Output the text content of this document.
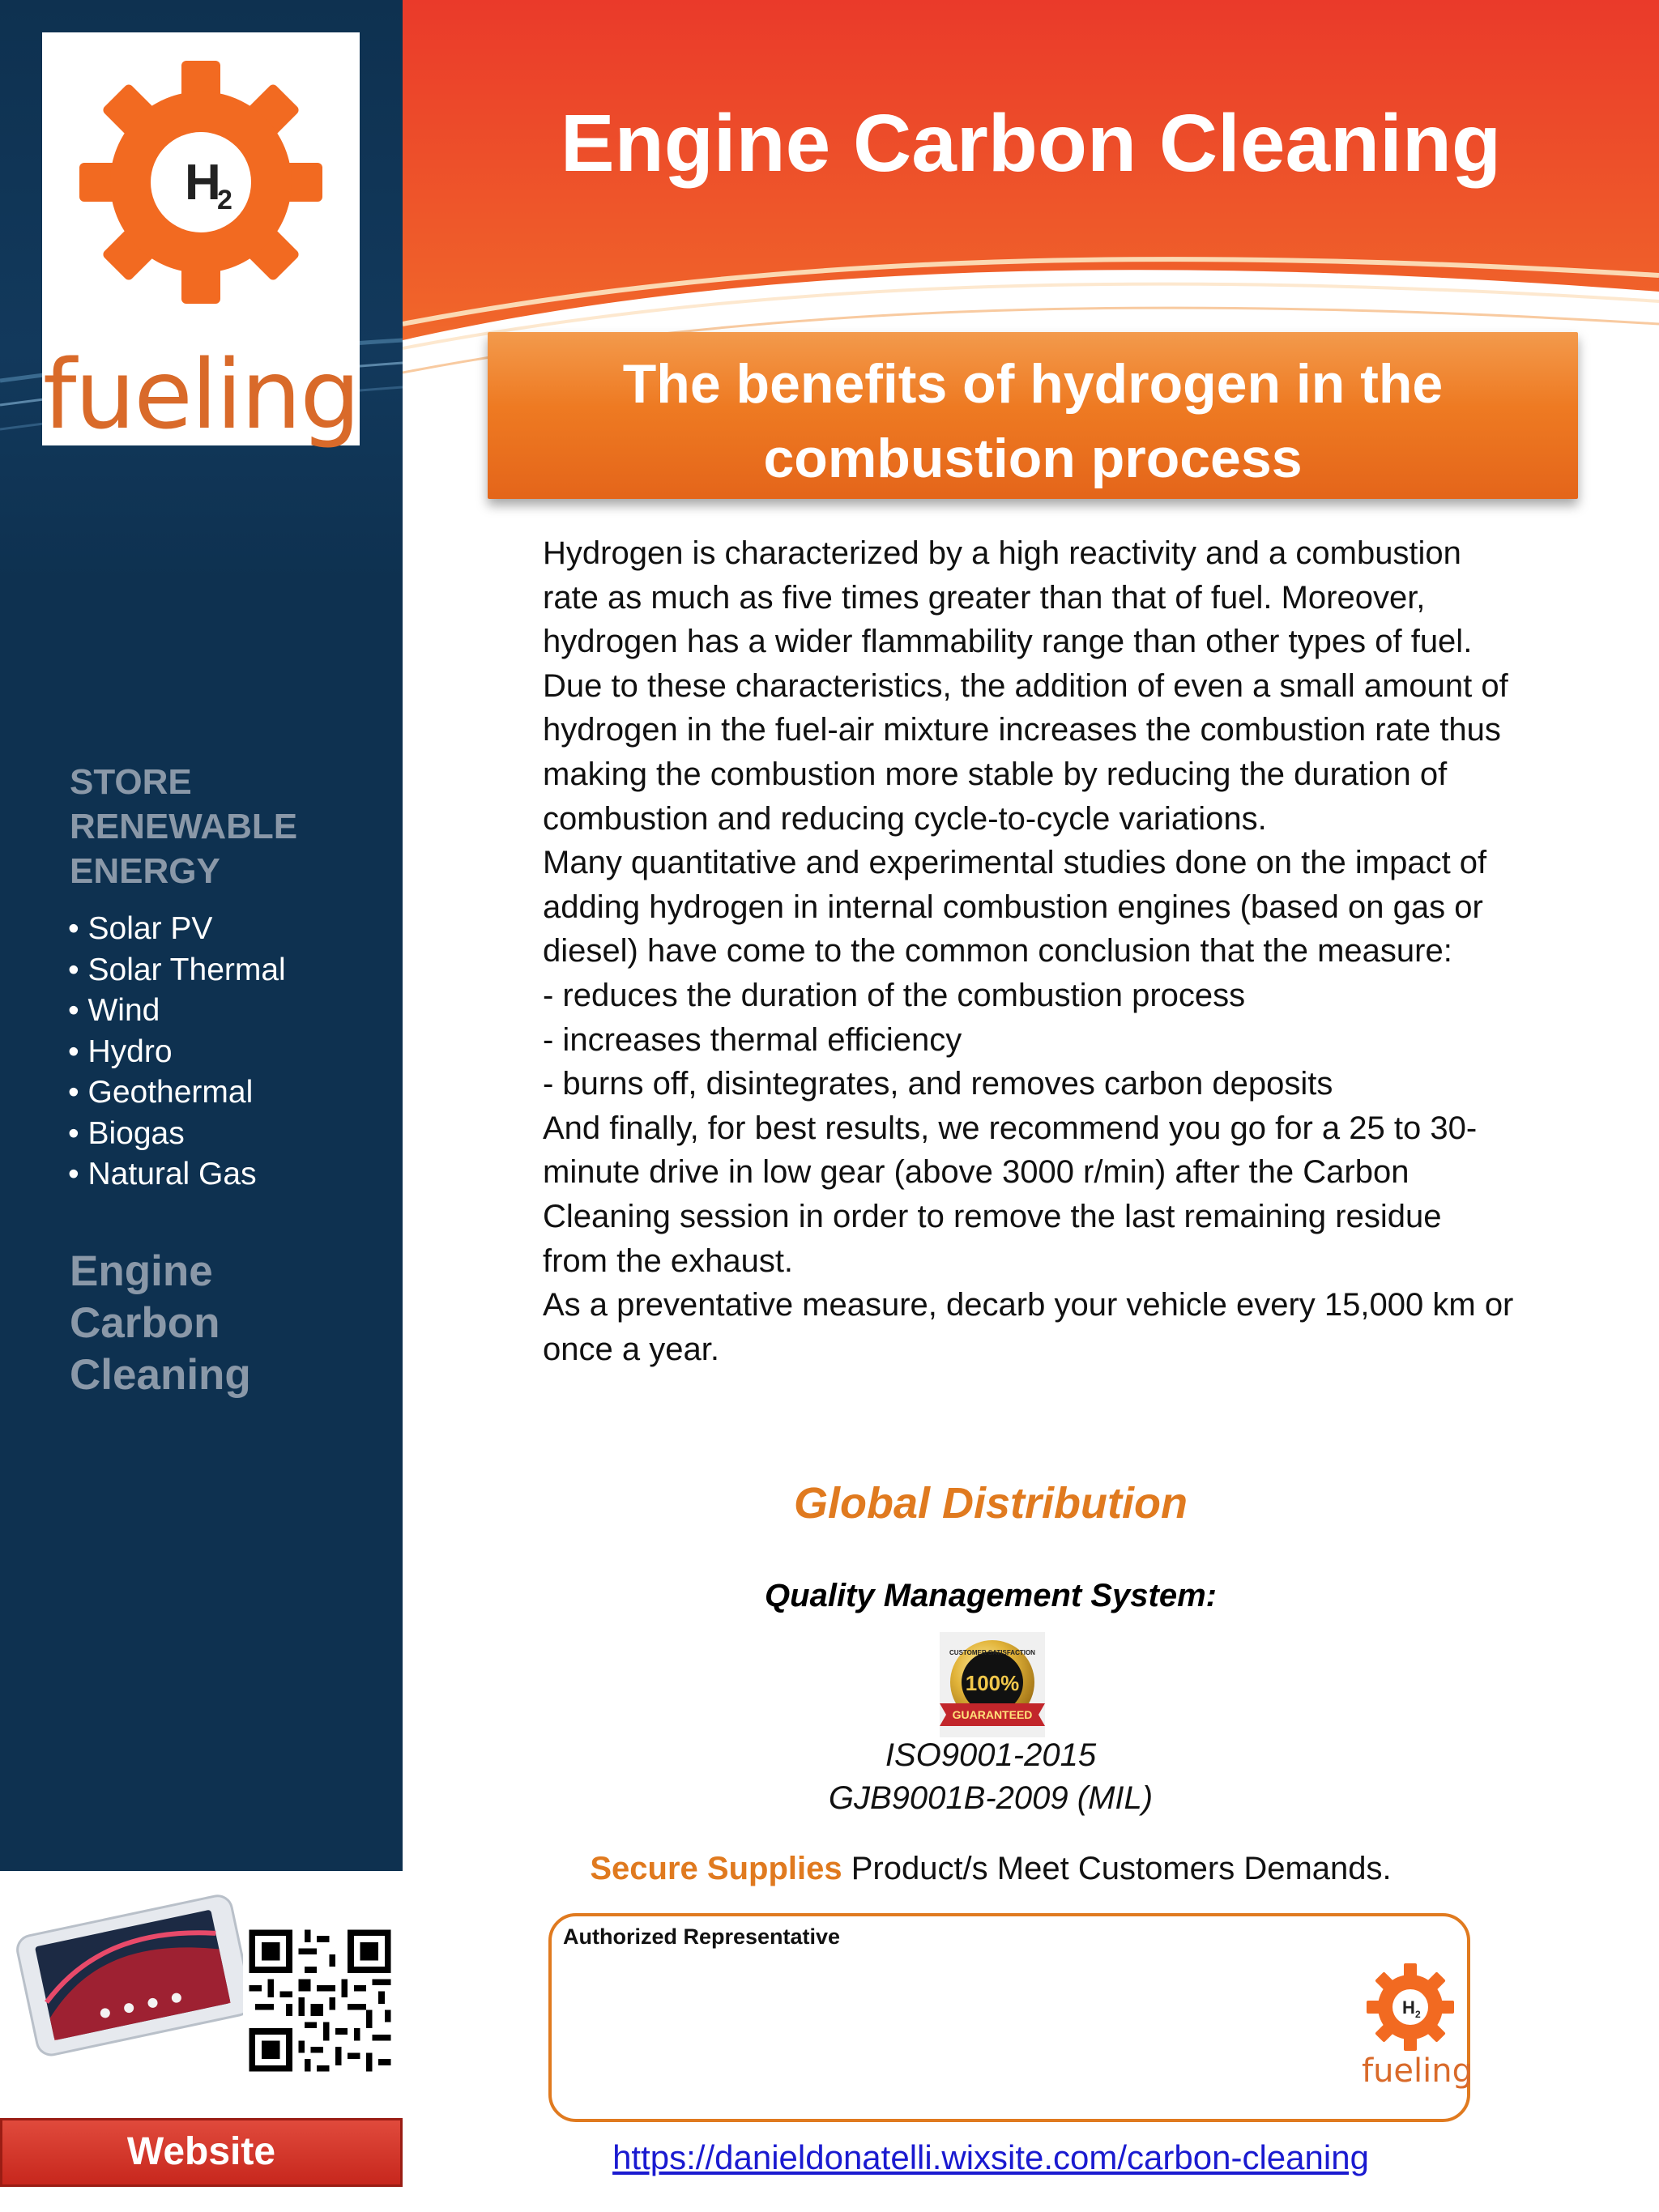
H
2
fueling
STORE
RENEWABLE
ENERGY
• Solar PV
• Solar Thermal
• Wind
• Hydro
• Geothermal
• Biogas
• Natural Gas
Engine
Carbon
Cleaning
Website
Engine Carbon Cleaning
The benefits of hydrogen in the
combustion process

Hydrogen is characterized by a high reactivity and a combustion rate as much as five times greater than that of fuel. Moreover, hydrogen has a wider flammability range than other types of fuel. Due to these characteristics, the addition of even a small amount of hydrogen in the fuel-air mixture increases the combustion rate thus making the combustion more stable by reducing the duration of combustion and reducing cycle-to-cycle variations.

Many quantitative and experimental studies done on the impact of adding hydrogen in internal combustion engines (based on gas or diesel) have come to the common conclusion that the measure:

- reduces the duration of the combustion process

- increases thermal efficiency

- burns off, disintegrates, and removes carbon deposits

And finally, for best results, we recommend you go for a 25 to 30-minute drive in low gear (above 3000 r/min) after the Carbon Cleaning session in order to remove the last remaining residue from the exhaust.

As a preventative measure, decarb your vehicle every 15,000 km or once a year.

Global Distribution
Quality Management System:
CUSTOMER SATISFACTION
100%
GUARANTEED
ISO9001-2015
GJB9001B-2009 (MIL)
Secure Supplies Product/s Meet Customers Demands.
Authorized Representative
H 2
fueling
https://danieldonatelli.wixsite.com/carbon-cleaning
